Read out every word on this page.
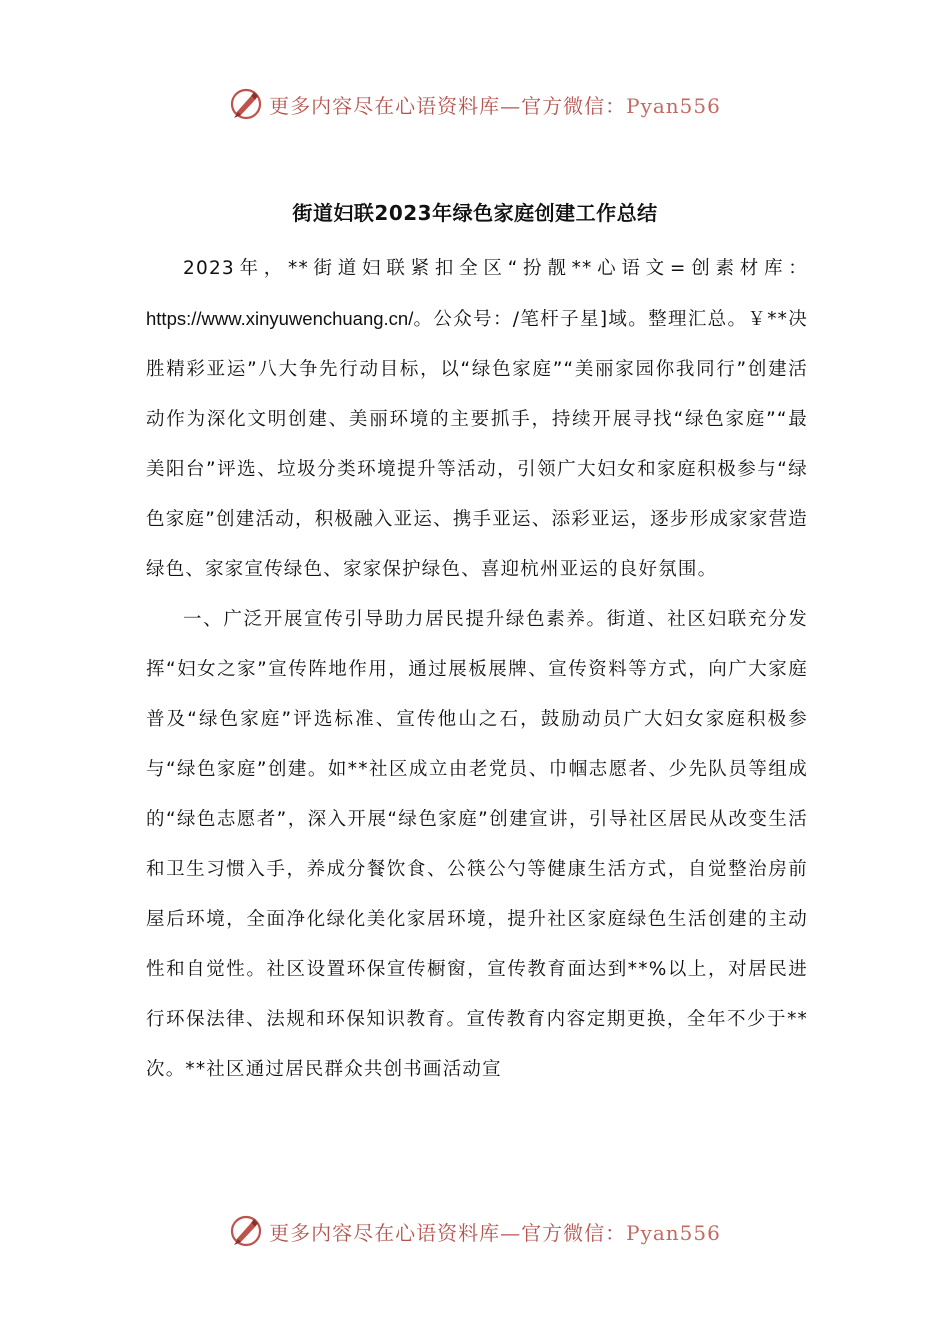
更多内容尽在心语资料库—官方微信：Pyan556
街道妇联2023年绿色家庭创建工作总结

2023年，**街道妇联紧扣全区“扮靓**心语文=创素材库：https://www.xinyuwenchuang.cn/。公众号：/笔杆子星]域。整理汇总。￥**决胜精彩亚运”八大争先行动目标，以“绿色家庭”“美丽家园你我同行”创建活动作为深化文明创建、美丽环境的主要抓手，持续开展寻找“绿色家庭”“最美阳台”评选、垃圾分类环境提升等活动，引领广大妇女和家庭积极参与“绿色家庭”创建活动，积极融入亚运、携手亚运、添彩亚运，逐步形成家家营造绿色、家家宣传绿色、家家保护绿色、喜迎杭州亚运的良好氛围。

一、广泛开展宣传引导助力居民提升绿色素养。街道、社区妇联充分发挥“妇女之家”宣传阵地作用，通过展板展牌、宣传资料等方式，向广大家庭普及“绿色家庭”评选标准、宣传他山之石，鼓励动员广大妇女家庭积极参与“绿色家庭”创建。如**社区成立由老党员、巾帼志愿者、少先队员等组成的“绿色志愿者”，深入开展“绿色家庭”创建宣讲，引导社区居民从改变生活和卫生习惯入手，养成分餐饮食、公筷公勺等健康生活方式，自觉整治房前屋后环境，全面净化绿化美化家居环境，提升社区家庭绿色生活创建的主动性和自觉性。社区设置环保宣传橱窗，宣传教育面达到**%以上，对居民进行环保法律、法规和环保知识教育。宣传教育内容定期更换，全年不少于**次。**社区通过居民群众共创书画活动宣

更多内容尽在心语资料库—官方微信：Pyan556
